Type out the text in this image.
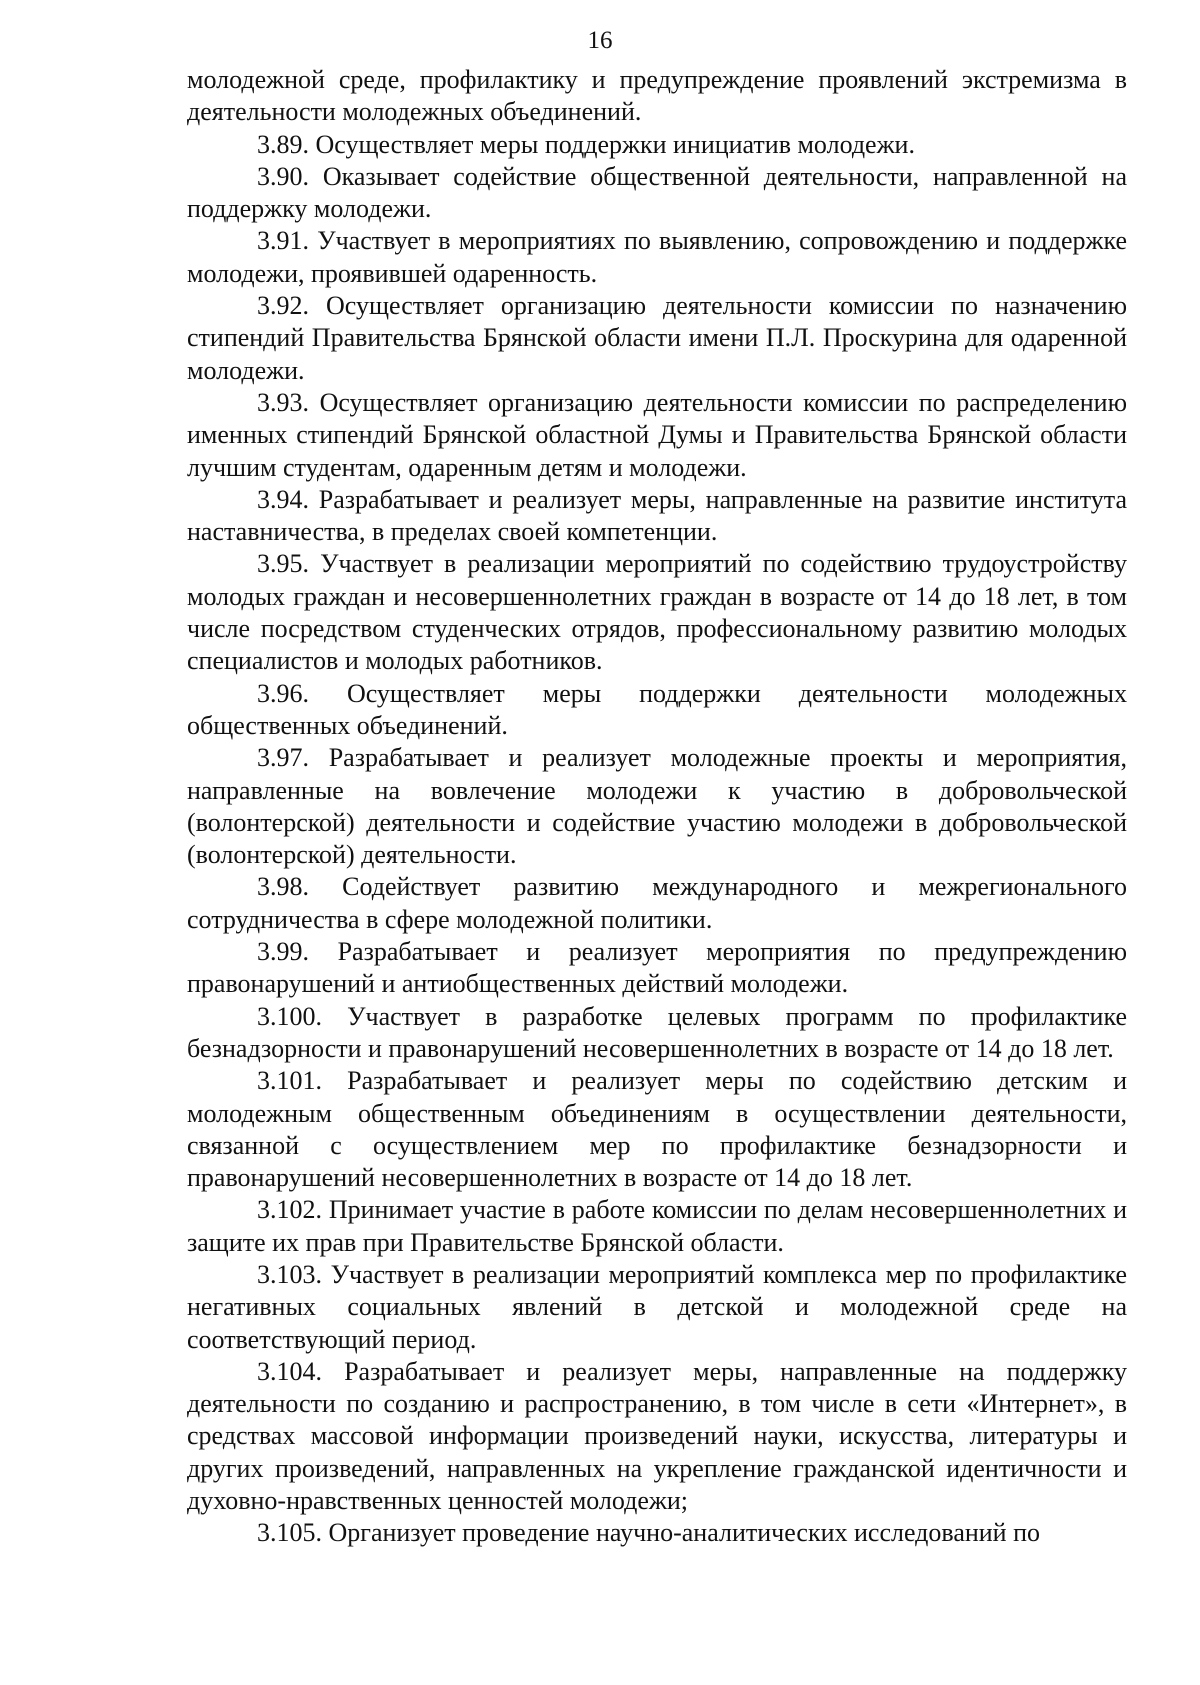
16

молодежной среде, профилактику и предупреждение проявлений экстремизма в деятельности молодежных объединений.

3.89. Осуществляет меры поддержки инициатив молодежи.

3.90. Оказывает содействие общественной деятельности, направленной на поддержку молодежи.

3.91. Участвует в мероприятиях по выявлению, сопровождению и поддержке молодежи, проявившей одаренность.

3.92. Осуществляет организацию деятельности комиссии по назначению стипендий Правительства Брянской области имени П.Л. Проскурина для одаренной молодежи.

3.93. Осуществляет организацию деятельности комиссии по распределению именных стипендий Брянской областной Думы и Правительства Брянской области лучшим студентам, одаренным детям и молодежи.

3.94. Разрабатывает и реализует меры, направленные на развитие института наставничества, в пределах своей компетенции.

3.95. Участвует в реализации мероприятий по содействию трудоустройству молодых граждан и несовершеннолетних граждан в возрасте от 14 до 18 лет, в том числе посредством студенческих отрядов, профессиональному развитию молодых специалистов и молодых работников.

3.96. Осуществляет меры поддержки деятельности молодежных общественных объединений.

3.97. Разрабатывает и реализует молодежные проекты и мероприятия, направленные на вовлечение молодежи к участию в добровольческой (волонтерской) деятельности и содействие участию молодежи в добровольческой (волонтерской) деятельности.

3.98. Содействует развитию международного и межрегионального сотрудничества в сфере молодежной политики.

3.99. Разрабатывает и реализует мероприятия по предупреждению правонарушений и антиобщественных действий молодежи.

3.100. Участвует в разработке целевых программ по профилактике безнадзорности и правонарушений несовершеннолетних в возрасте от 14 до 18 лет.

3.101. Разрабатывает и реализует меры по содействию детским и молодежным общественным объединениям в осуществлении деятельности, связанной с осуществлением мер по профилактике безнадзорности и правонарушений несовершеннолетних в возрасте от 14 до 18 лет.

3.102. Принимает участие в работе комиссии по делам несовершеннолетних и защите их прав при Правительстве Брянской области.

3.103. Участвует в реализации мероприятий комплекса мер по профилактике негативных социальных явлений в детской и молодежной среде на соответствующий период.

3.104. Разрабатывает и реализует меры, направленные на поддержку деятельности по созданию и распространению, в том числе в сети «Интернет», в средствах массовой информации произведений науки, искусства, литературы и других произведений, направленных на укрепление гражданской идентичности и духовно-нравственных ценностей молодежи;

3.105. Организует проведение научно-аналитических исследований по
